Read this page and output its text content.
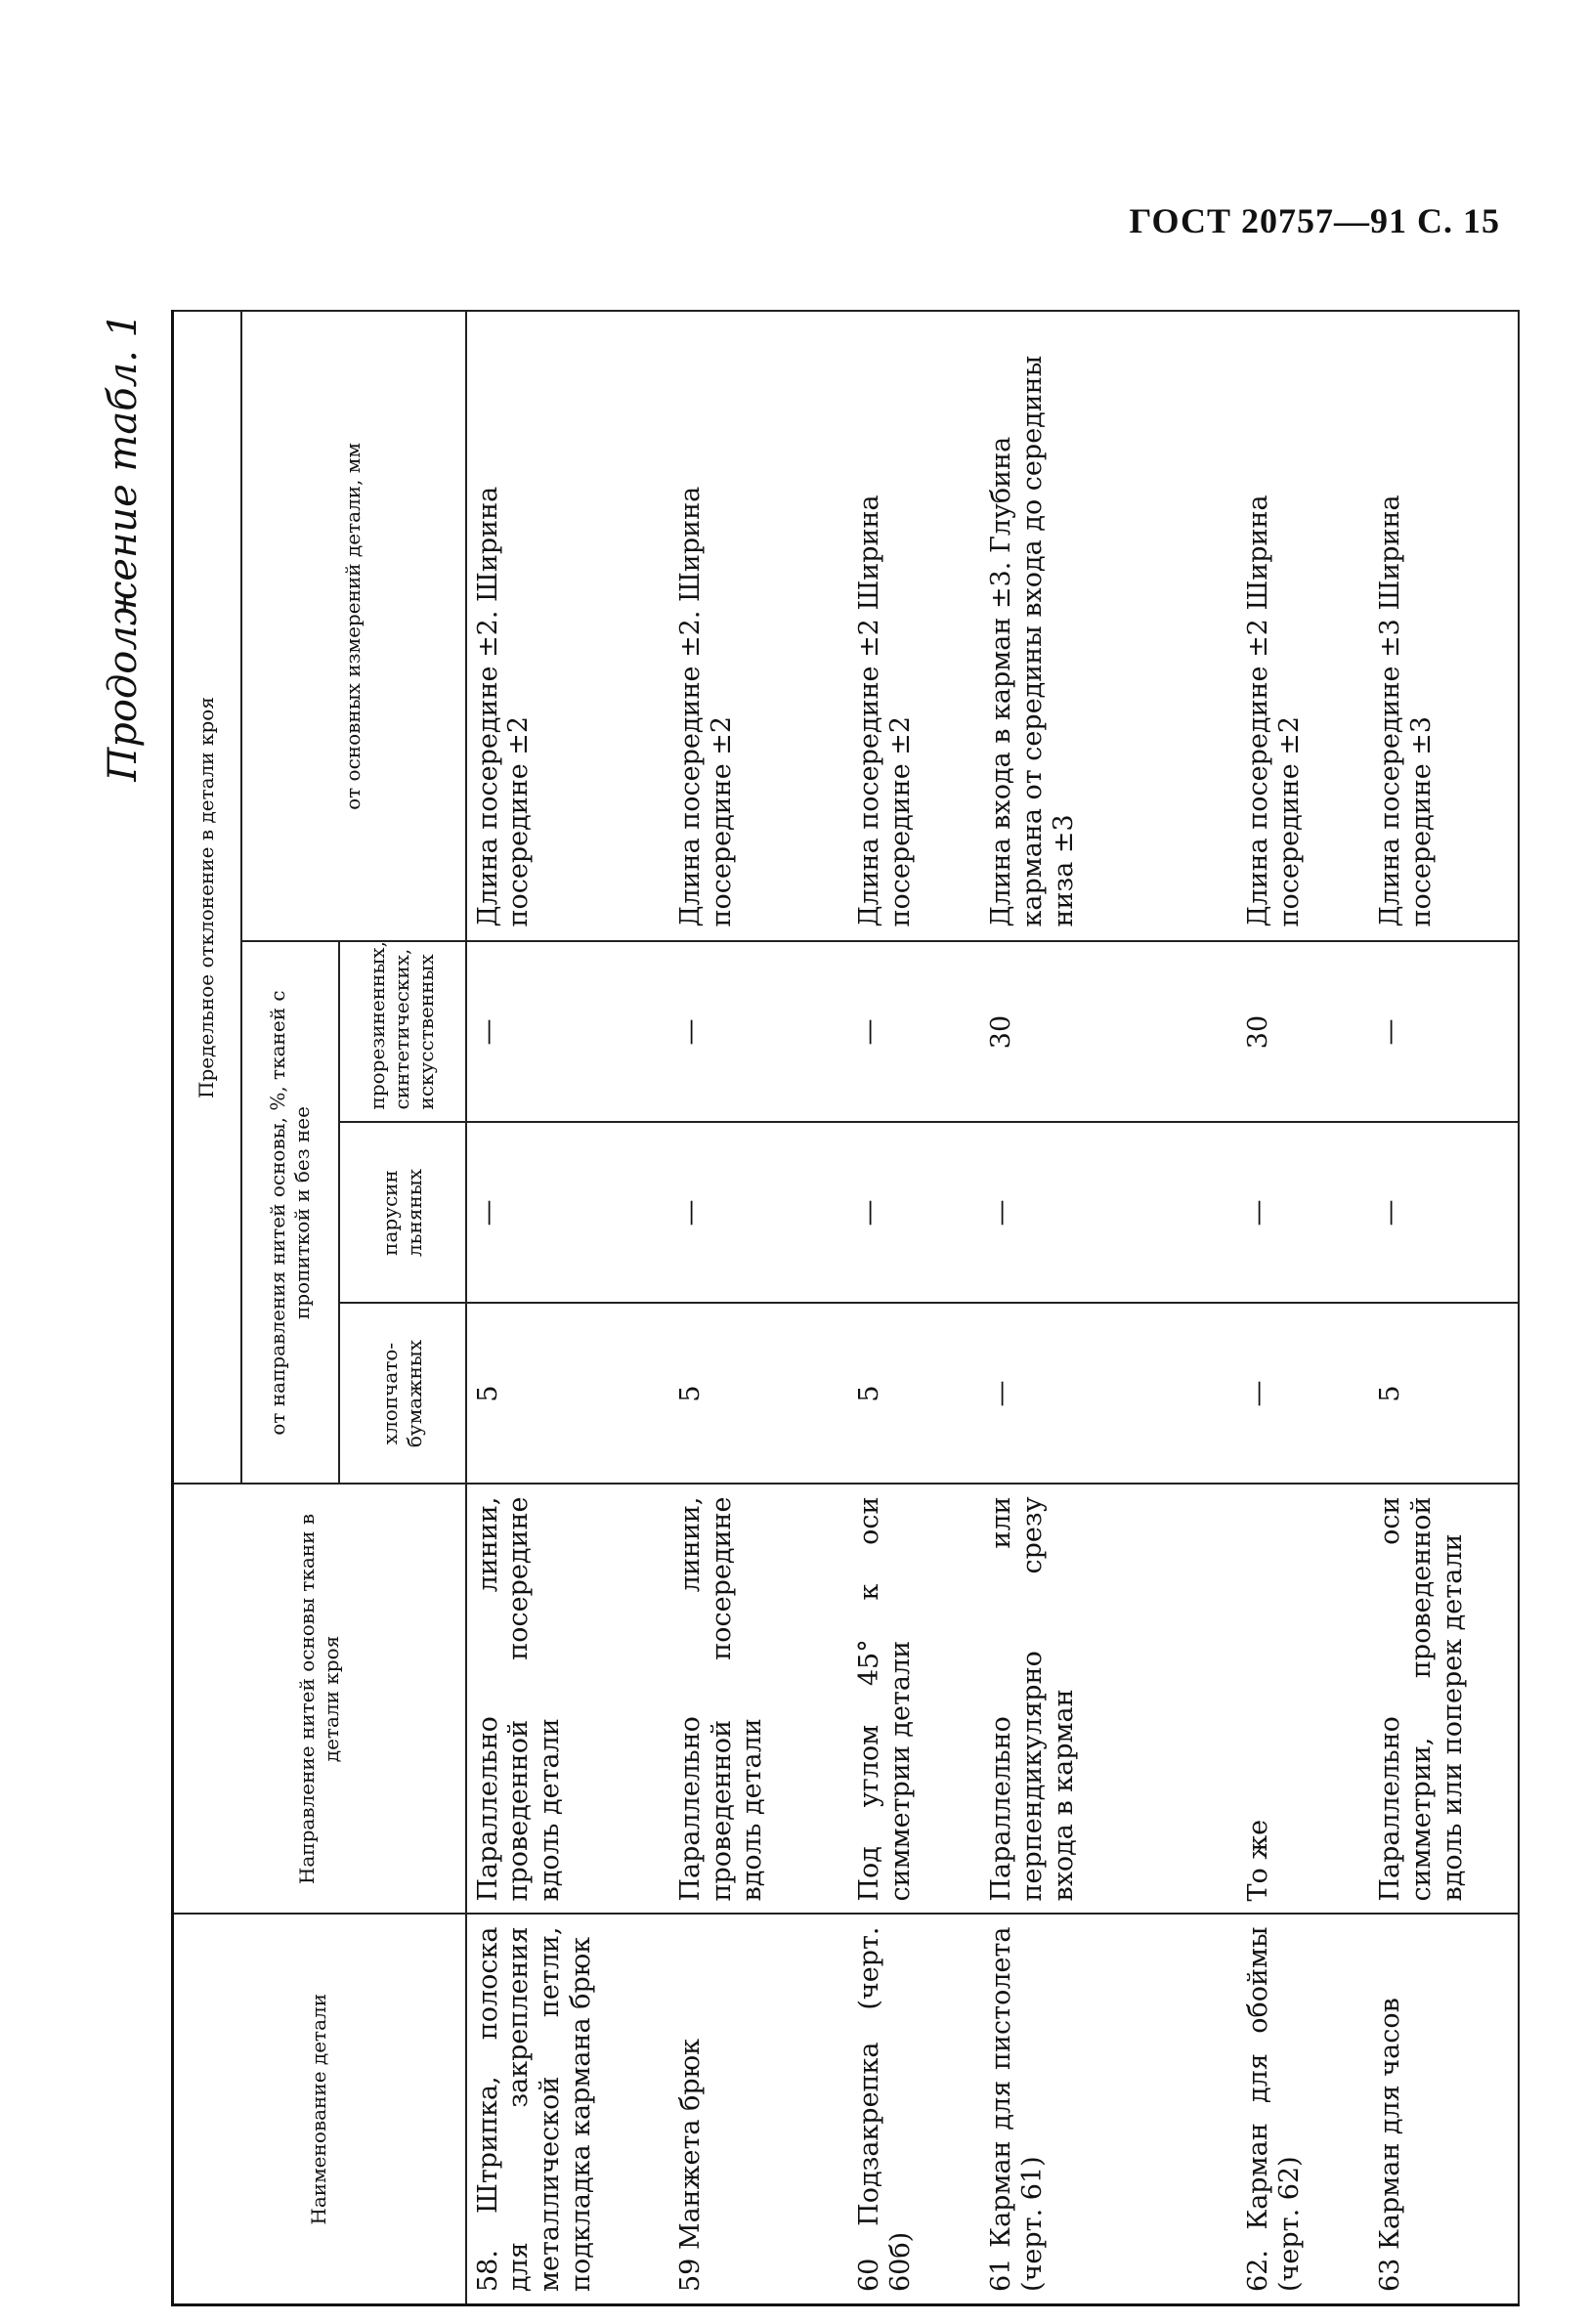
ГОСТ 20757—91 С. 15
Продолжение табл. 1
Наименование детали	Направление нитей основы ткани в детали кроя	Предельное отклонение в детали кроя			
		от направления нитей основы, %, тканей с пропиткой и без нее			от основных измерений детали, мм
		хлопчато-бумажных	парусин льняных	прорезиненных, синтетических, искусственных	
58. Штрипка, полоска для закрепления металлической петли, подкладка кармана брюк	Параллельно линии, проведенной посередине вдоль детали	5	—	—	Длина посередине ±2. Ширина посередине ±2
59 Манжета брюк	Параллельно линии, проведенной посередине вдоль детали	5	—	—	Длина посередине ±2. Ширина посередине ±2
60 Подзакрепка (черт. 60б)	Под углом 45° к оси симметрии детали	5	—	—	Длина посередине ±2 Ширина посередине ±2
61 Карман для пистолета (черт. 61)	Параллельно или перпендикулярно срезу входа в карман	—	—	30	Длина входа в карман ±3. Глубина кармана от середины входа до середины низа ±3
62. Карман для обоймы (черт. 62)	То же	—	—	30	Длина посередине ±2 Ширина посередине ±2
63 Карман для часов	Параллельно оси симметрии, проведенной вдоль или поперек детали	5	—	—	Длина посередине ±3 Ширина посередине ±3
